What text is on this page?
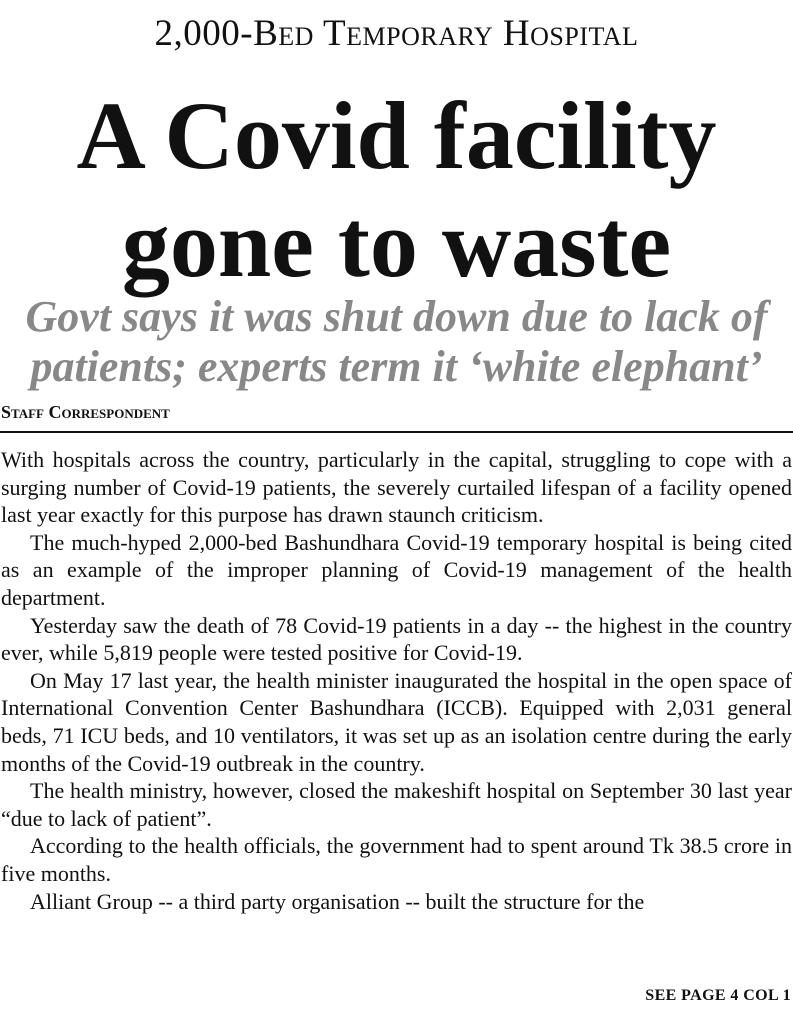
2,000-Bed Temporary Hospital
A Covid facility
gone to waste
Govt says it was shut down due to lack of
patients; experts term it ‘white elephant’
Staff Correspondent

With hospitals across the country, particularly in the capital, struggling to cope with a surging number of Covid-19 patients, the severely curtailed lifespan of a facility opened last year exactly for this purpose has drawn staunch criticism.

The much-hyped 2,000-bed Bashundhara Covid-19 temporary hospital is being cited as an example of the improper planning of Covid-19 management of the health department.

Yesterday saw the death of 78 Covid-19 patients in a day -- the highest in the country ever, while 5,819 people were tested positive for Covid-19.

On May 17 last year, the health minister inaugurated the hospital in the open space of International Convention Center Bashundhara (ICCB). Equipped with 2,031 general beds, 71 ICU beds, and 10 ventilators, it was set up as an isolation centre during the early months of the Covid-19 outbreak in the country.

The health ministry, however, closed the makeshift hospital on September 30 last year “due to lack of patient”.

According to the health officials, the government had to spent around Tk 38.5 crore in five months.

Alliant Group -- a third party organisation -- built the structure for the

SEE PAGE 4 COL 1
